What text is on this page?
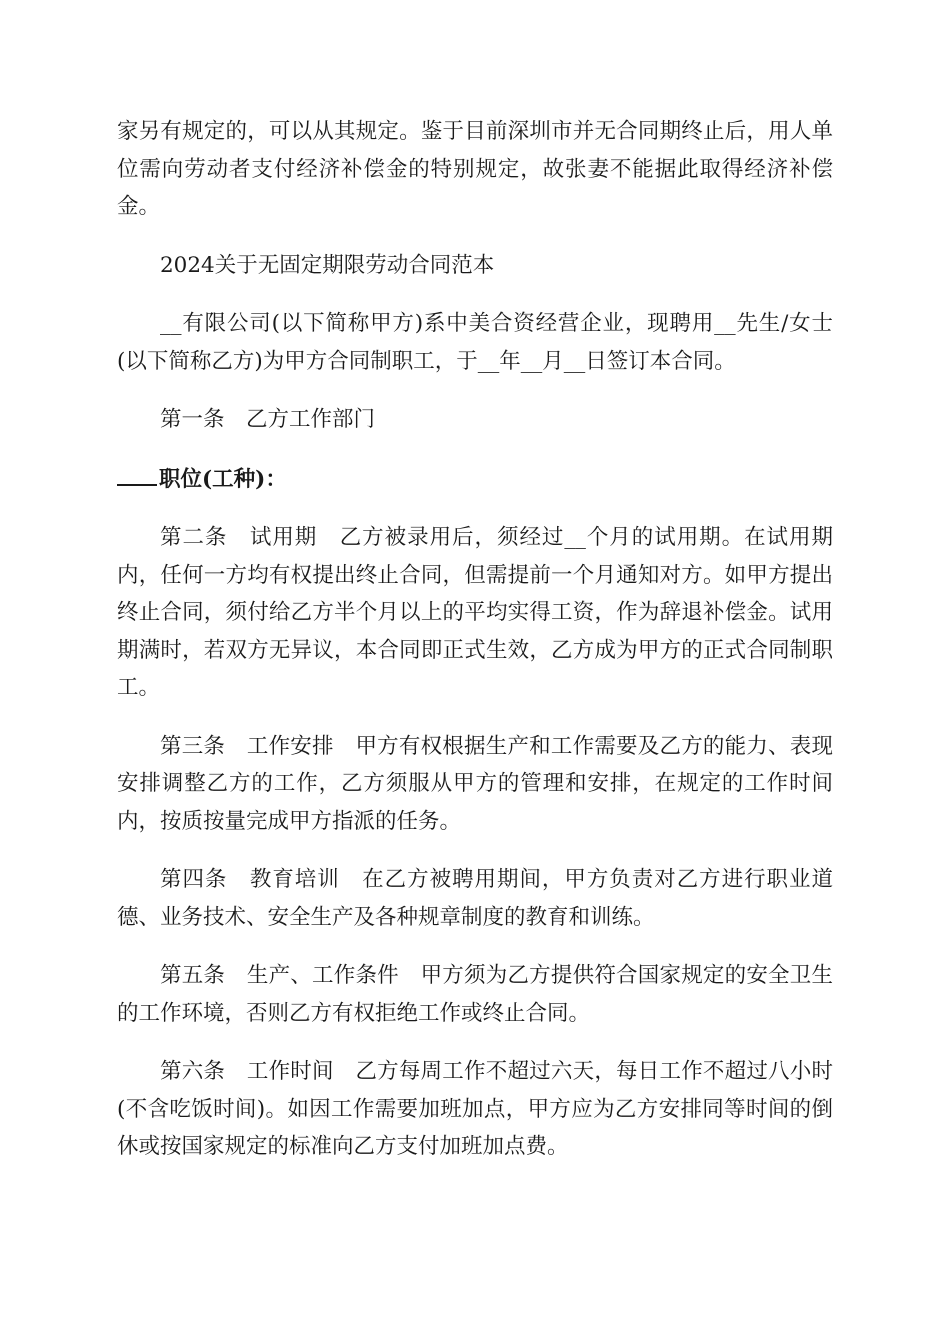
家另有规定的，可以从其规定。鉴于目前深圳市并无合同期终止后，用人单位需向劳动者支付经济补偿金的特别规定，故张妻不能据此取得经济补偿金。

2024关于无固定期限劳动合同范本

__有限公司(以下简称甲方)系中美合资经营企业，现聘用__先生/女士(以下简称乙方)为甲方合同制职工，于__年__月__日签订本合同。

第一条　乙方工作部门

职位(工种)：

第二条　试用期　乙方被录用后，须经过__个月的试用期。在试用期内，任何一方均有权提出终止合同，但需提前一个月通知对方。如甲方提出终止合同，须付给乙方半个月以上的平均实得工资，作为辞退补偿金。试用期满时，若双方无异议，本合同即正式生效，乙方成为甲方的正式合同制职工。

第三条　工作安排　甲方有权根据生产和工作需要及乙方的能力、表现安排调整乙方的工作，乙方须服从甲方的管理和安排，在规定的工作时间内，按质按量完成甲方指派的任务。

第四条　教育培训　在乙方被聘用期间，甲方负责对乙方进行职业道德、业务技术、安全生产及各种规章制度的教育和训练。

第五条　生产、工作条件　甲方须为乙方提供符合国家规定的安全卫生的工作环境，否则乙方有权拒绝工作或终止合同。

第六条　工作时间　乙方每周工作不超过六天，每日工作不超过八小时(不含吃饭时间)。如因工作需要加班加点，甲方应为乙方安排同等时间的倒休或按国家规定的标准向乙方支付加班加点费。
